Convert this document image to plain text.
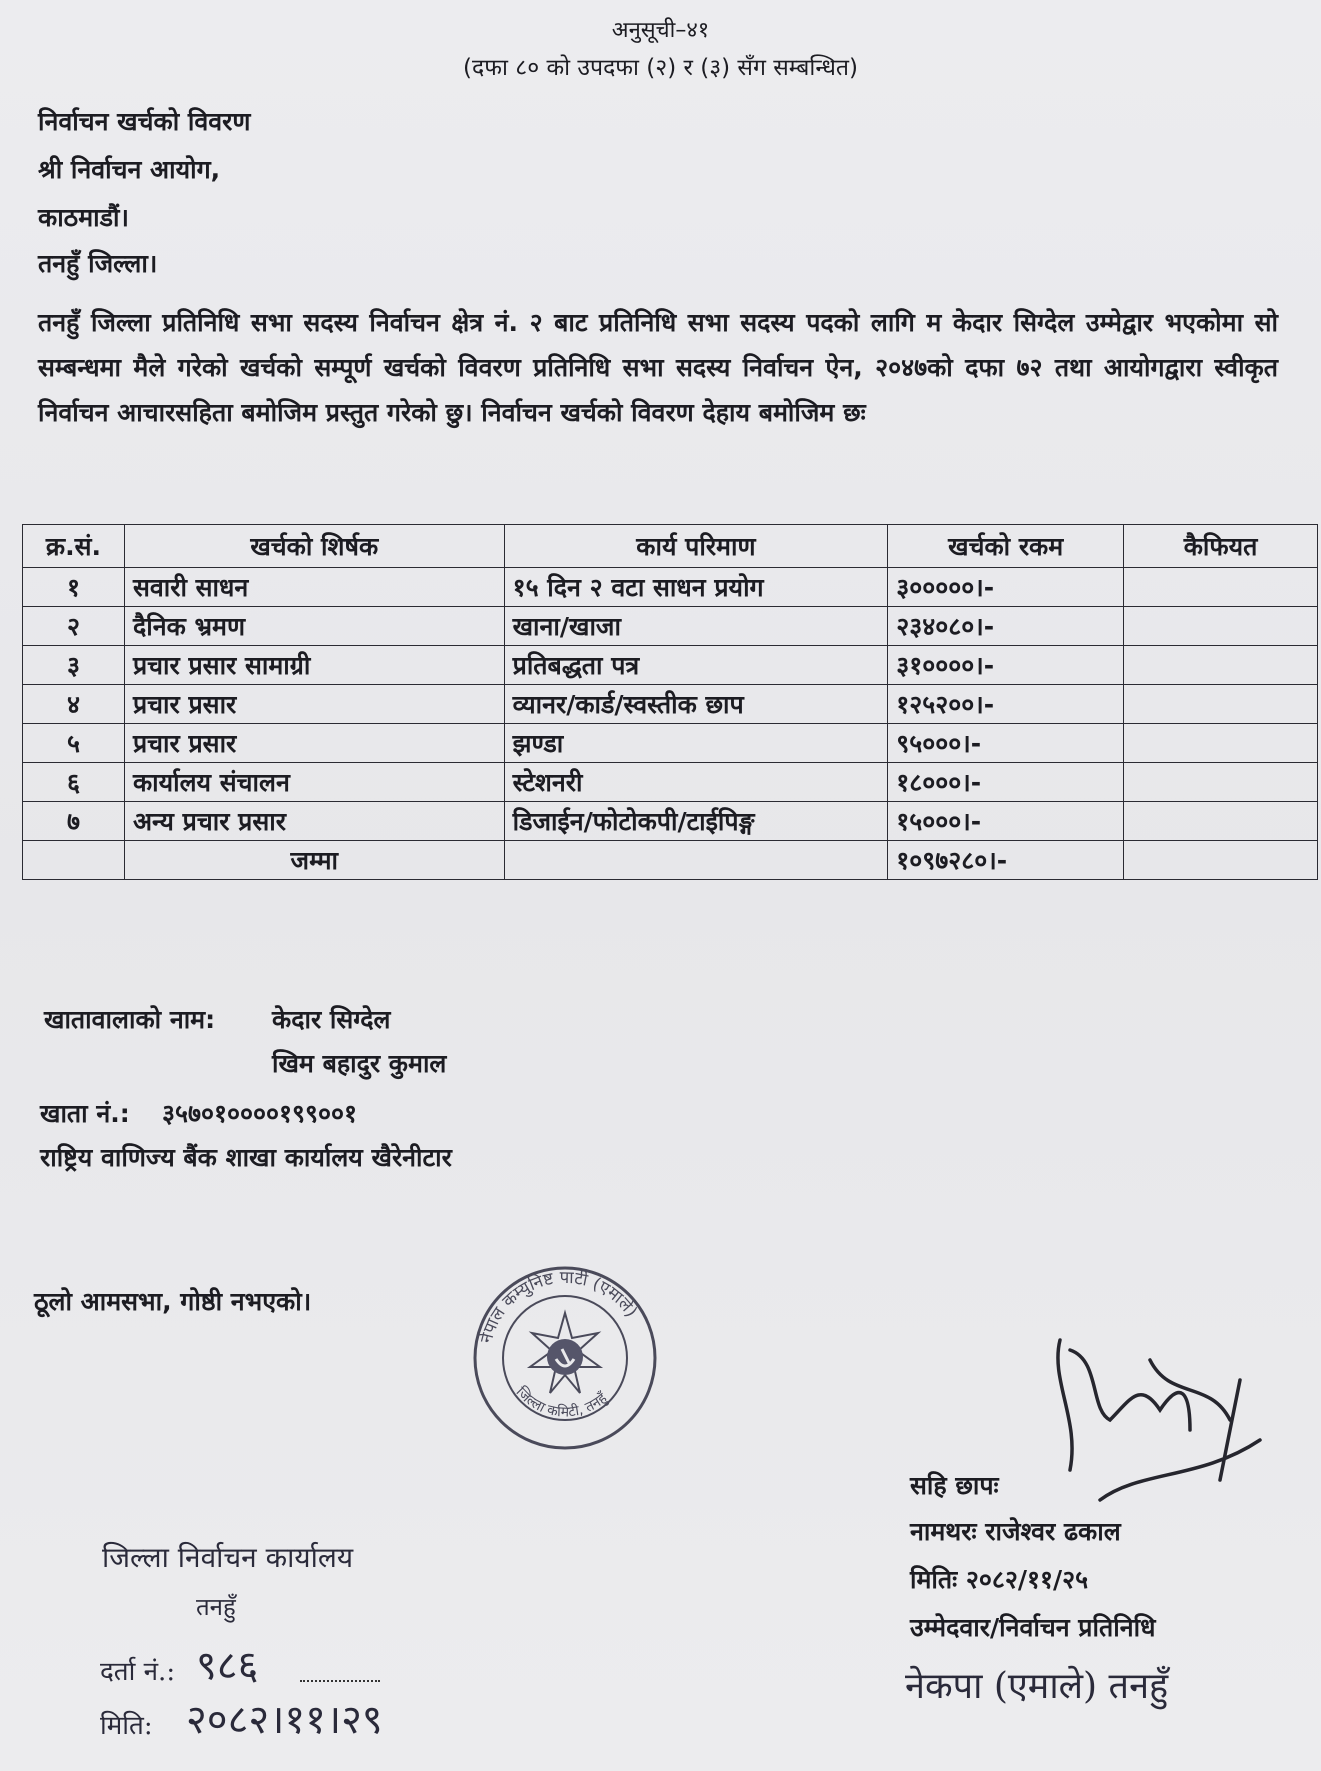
अनुसूची–४१
(दफा ८० को उपदफा (२) र (३) सँग सम्बन्धित)
निर्वाचन खर्चको विवरण
श्री निर्वाचन आयोग,
काठमाडौं।
तनहुँ जिल्ला।
तनहुँ जिल्ला प्रतिनिधि सभा सदस्य निर्वाचन क्षेत्र नं. २ बाट प्रतिनिधि सभा सदस्य पदको लागि म केदार सिग्देल उम्मेद्वार भएकोमा सो सम्बन्धमा मैले गरेको खर्चको सम्पूर्ण खर्चको विवरण प्रतिनिधि सभा सदस्य निर्वाचन ऐन, २०४७को दफा ७२ तथा आयोगद्वारा स्वीकृत निर्वाचन आचारसहिता बमोजिम प्रस्तुत गरेको छु। निर्वाचन खर्चको विवरण देहाय बमोजिम छः
क्र.सं.	खर्चको शिर्षक	कार्य परिमाण	खर्चको रकम	कैफियत
१	सवारी साधन	१५ दिन २ वटा साधन प्रयोग	३०००००।-	
२	दैनिक भ्रमण	खाना/खाजा	२३४०८०।-	
३	प्रचार प्रसार सामाग्री	प्रतिबद्धता पत्र	३१००००।-	
४	प्रचार प्रसार	व्यानर/कार्ड/स्वस्तीक छाप	१२५२००।-	
५	प्रचार प्रसार	झण्डा	९५०००।-	
६	कार्यालय संचालन	स्टेशनरी	१८०००।-	
७	अन्य प्रचार प्रसार	डिजाईन/फोटोकपी/टाईपिङ्ग	१५०००।-	
	जम्मा		१०९७२८०।-	
खातावालाको नाम: केदार सिग्देल
खिम बहादुर कुमाल
खाता नं.: ३५७०१००००१९९००१
राष्ट्रिय वाणिज्य बैंक शाखा कार्यालय खैरेनीटार
ठूलो आमसभा, गोष्ठी नभएको।
नेपाल कम्युनिष्ट पार्टी (एमाले)
जिल्ला कमिटी, तनहुँ
सहि छापः
नामथरः राजेश्वर ढकाल
मितिः २०८२/११/२५
उम्मेदवार/निर्वाचन प्रतिनिधि
नेकपा (एमाले) तनहुँ
जिल्ला निर्वाचन कार्यालय
तनहुँ
दर्ता नं.: ९८६
मिति: २०८२।११।२९
